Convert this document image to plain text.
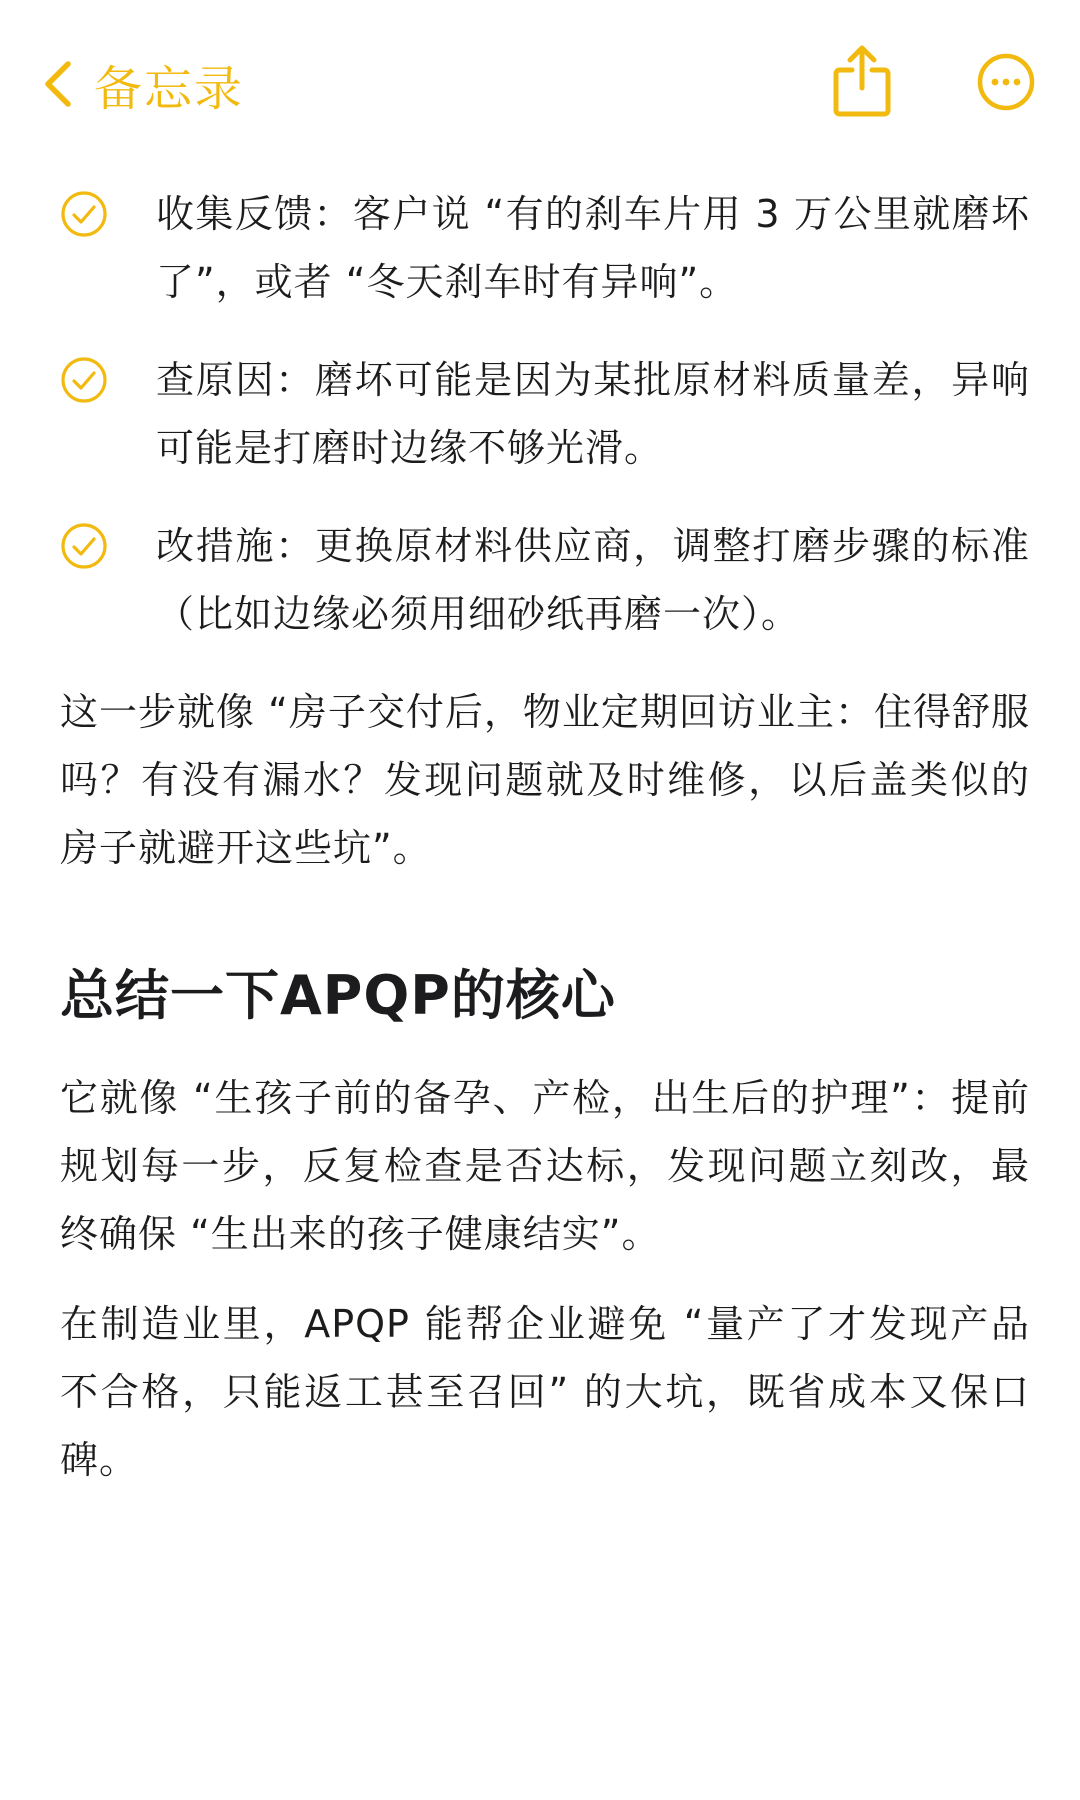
备忘录
收集反馈：客户说 “有的刹车片用 3 万公里就磨坏了”，或者 “冬天刹车时有异响”。
查原因：磨坏可能是因为某批原材料质量差，异响可能是打磨时边缘不够光滑。
改措施：更换原材料供应商，调整打磨步骤的标准（比如边缘必须用细砂纸再磨一次）。

这一步就像 “房子交付后，物业定期回访业主：住得舒服吗？有没有漏水？发现问题就及时维修，以后盖类似的房子就避开这些坑”。

总结一下APQP的核心

它就像 “生孩子前的备孕、产检，出生后的护理”：提前规划每一步，反复检查是否达标，发现问题立刻改，最终确保 “生出来的孩子健康结实”。

在制造业里，APQP 能帮企业避免 “量产了才发现产品不合格，只能返工甚至召回” 的大坑，既省成本又保口碑。
